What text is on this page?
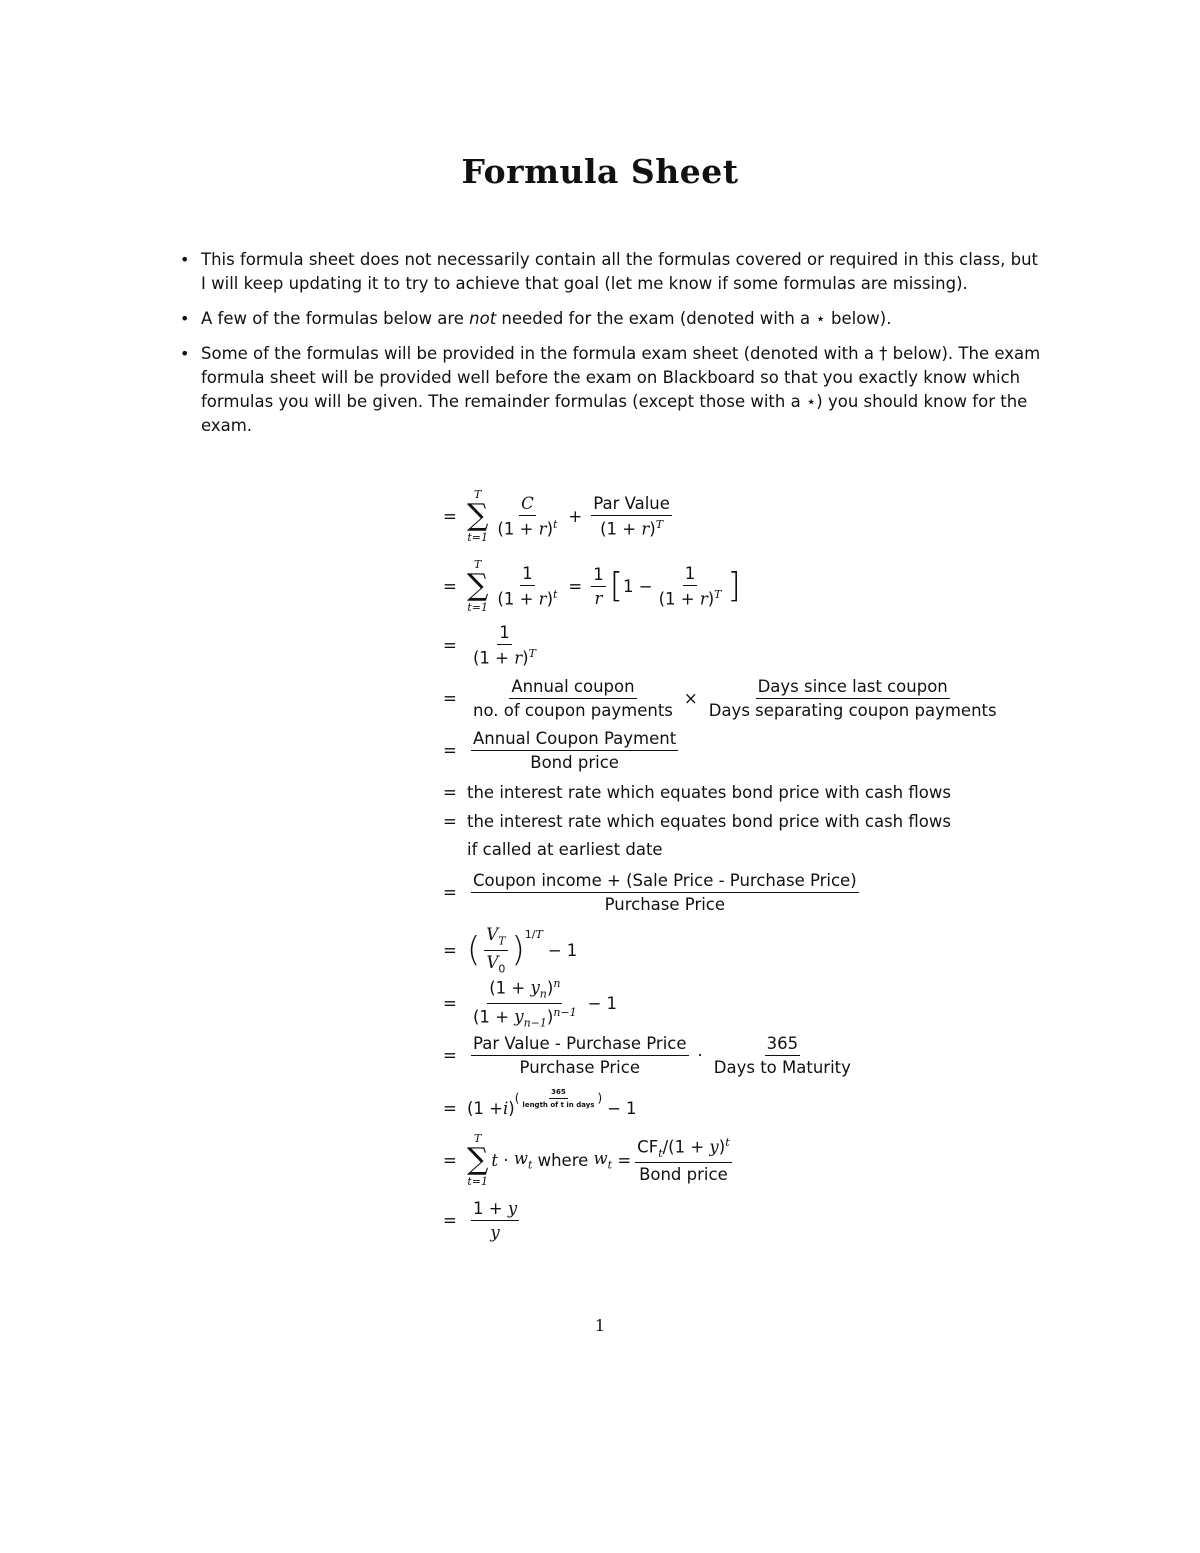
Formula Sheet
• This formula sheet does not necessarily contain all the formulas covered or required in this class, but I will keep updating it to try to achieve that goal (let me know if some formulas are missing).
• A few of the formulas below are not needed for the exam (denoted with a ⋆ below).
• Some of the formulas will be provided in the formula exam sheet (denoted with a † below). The exam formula sheet will be provided well before the exam on Blackboard so that you exactly know which formulas you will be given. The remainder formulas (except those with a ⋆) you should know for the exam.
=
T
∑
$t=1 \frac{C}{(1 + r)^t} + \frac{\text{Par Value}}{(1 + r)^T}$
=
T
∑
$t=1 \frac{1}{(1 + r)^t} = \frac{1}{r}$ [ $1 - \frac{1}{(1 + r)^T}$ ]
= $\frac{1}{(1 + r)^T}$
= $\frac{\text{Annual coupon}}{\text{no. of coupon payments}} \times \frac{\text{Days since last coupon}}{\text{Days separating coupon payments}}$
= $\frac{\text{Annual Coupon Payment}}{\text{Bond price}}$
= the interest rate which equates bond price with cash flows
= the interest rate which equates bond price with cash flows
if called at earliest date
= $\frac{\text{Coupon income + (Sale Price - Purchase Price)}}{\text{Purchase Price}}$
= ( $\frac{V_T}{V_0} )^{1/T}$
− 1
= $\frac{(1 + y_n)^n}{(1 + y_{n-1})^{n-1}} - 1$
= $\frac{\text{Par Value - Purchase Price}}{\text{Purchase Price}} \cdot \frac{365}{\text{Days to Maturity}}$
= (1 + i )
( $\frac{365}{\text{length of t in days}}$ )
− 1
=
T
∑
t=1
$t \cdot w_t$
where
$w_t = \frac{CF_t/(1 + y)^t}{\text{Bond price}}$
= $\frac{1 + y}{y}$
1
